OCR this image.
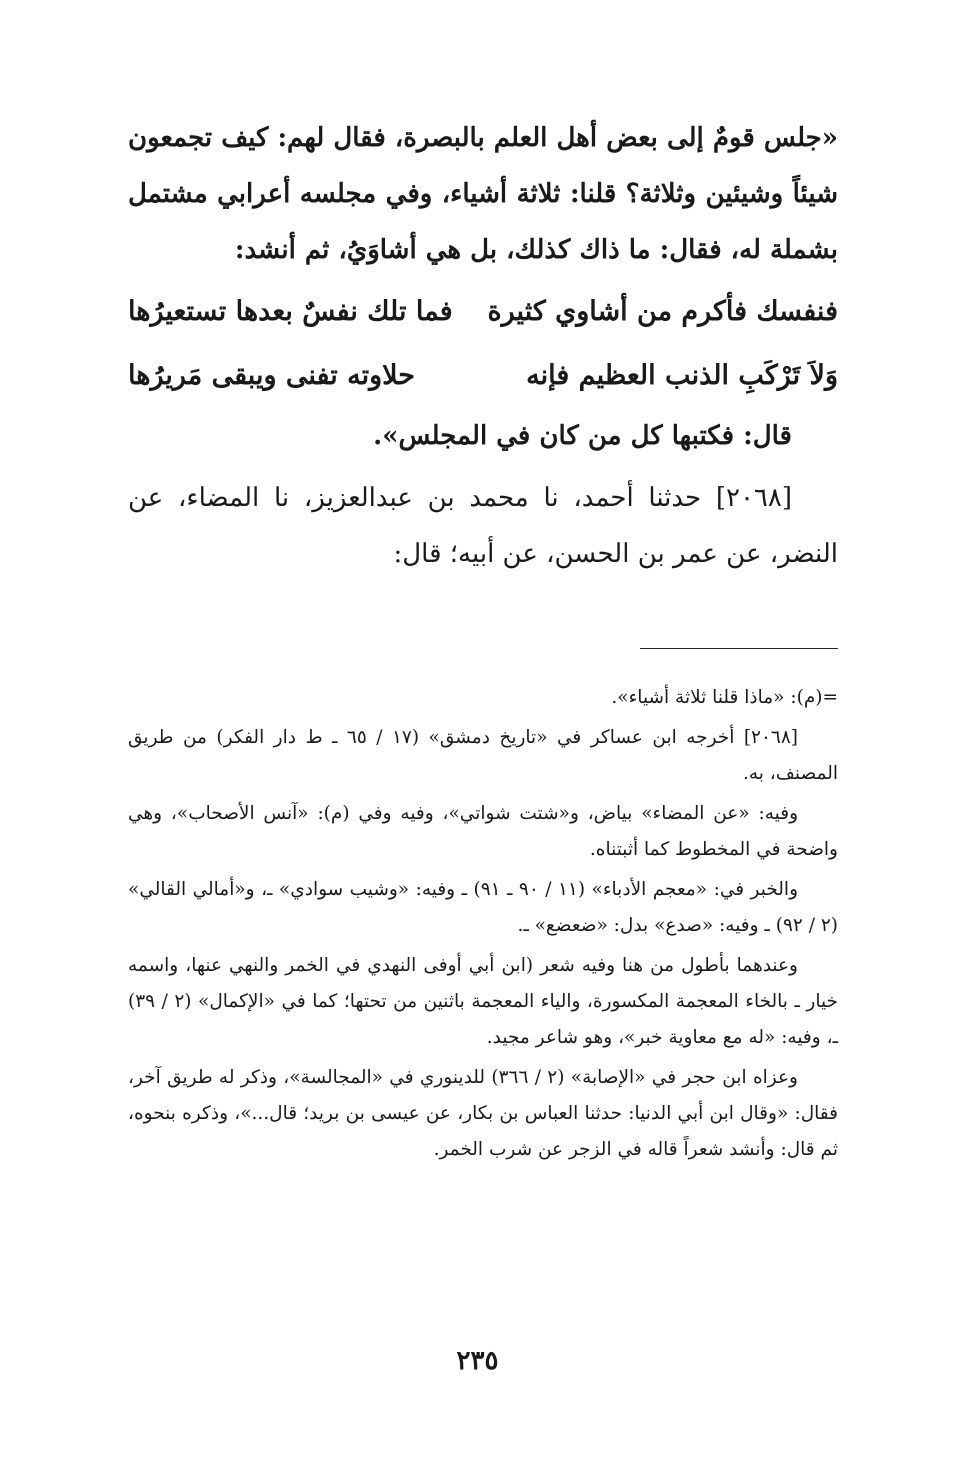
«جلس قومٌ إلى بعض أهل العلم بالبصرة، فقال لهم: كيف تجمعون شيئاً وشيئين وثلاثة؟ قلنا: ثلاثة أشياء، وفي مجلسه أعرابي مشتمل بشملة له، فقال: ما ذاك كذلك، بل هي أشاوَيُ، ثم أنشد:

فنفسك فأكرم من أشاوي كثيرة
فما تلك نفسٌ بعدها تستعيرُها
وَلاَ تَرْكَبِ الذنب العظيم فإنه
حلاوته تفنى ويبقى مَريرُها

قال: فكتبها كل من كان في المجلس».

[٢٠٦٨] حدثنا أحمد، نا محمد بن عبدالعزيز، نا المضاء، عن النضر، عن عمر بن الحسن، عن أبيه؛ قال:

=(م): «ماذا قلنا ثلاثة أشياء».

[٢٠٦٨] أخرجه ابن عساكر في «تاريخ دمشق» (١٧ / ٦٥ ـ ط دار الفكر) من طريق المصنف، به.

وفيه: «عن المضاء» بياض، و«شتت شواتي»، وفيه وفي (م): «آنس الأصحاب»، وهي واضحة في المخطوط كما أثبتناه.

والخبر في: «معجم الأدباء» (١١ / ٩٠ ـ ٩١) ـ وفيه: «وشيب سوادي» ـ، و«أمالي القالي» (٢ / ٩٢) ـ وفيه: «صدع» بدل: «ضعضع» ـ.

وعندهما بأطول من هنا وفيه شعر (ابن أبي أوفى النهدي في الخمر والنهي عنها، واسمه خيار ـ بالخاء المعجمة المكسورة، والياء المعجمة باثنين من تحتها؛ كما في «الإكمال» (٢ / ٣٩) ـ، وفيه: «له مع معاوية خبر»، وهو شاعر مجيد.

وعزاه ابن حجر في «الإصابة» (٢ / ٣٦٦) للدينوري في «المجالسة»، وذكر له طريق آخر، فقال: «وقال ابن أبي الدنيا: حدثنا العباس بن بكار، عن عيسى بن بريد؛ قال...»، وذكره بنحوه، ثم قال: وأنشد شعراً قاله في الزجر عن شرب الخمر.

٢٣٥
